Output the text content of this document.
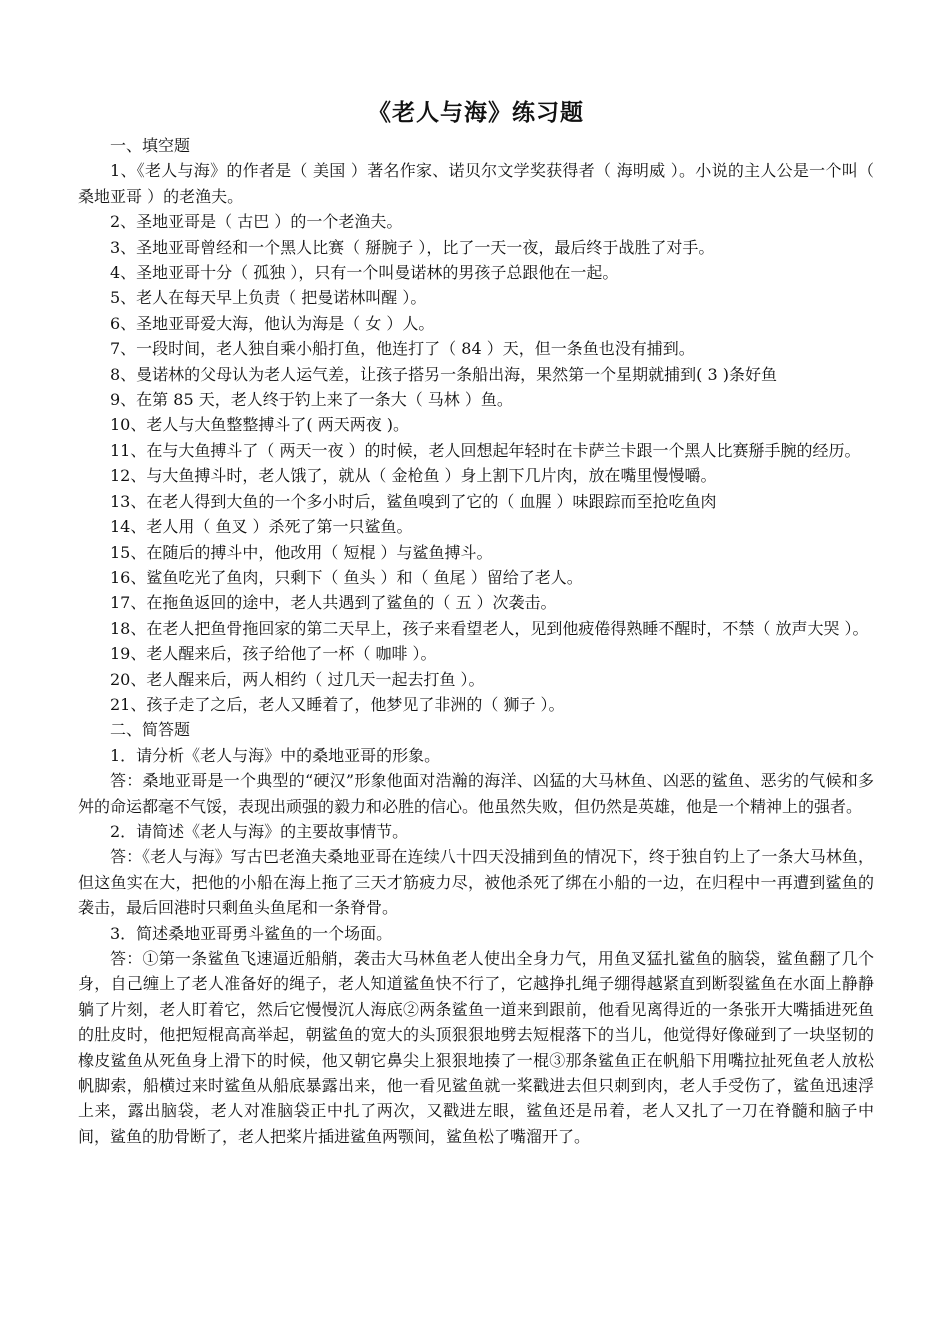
《老人与海》练习题

一、填空题

1、《老人与海》的作者是（ 美国 ）著名作家、诺贝尔文学奖获得者（ 海明威 ）。小说的主人公是一个叫（ 桑地亚哥 ）的老渔夫。

2、圣地亚哥是（ 古巴 ）的一个老渔夫。

3、圣地亚哥曾经和一个黑人比赛（ 掰腕子 ），比了一天一夜，最后终于战胜了对手。

4、圣地亚哥十分（ 孤独 ），只有一个叫曼诺林的男孩子总跟他在一起。

5、老人在每天早上负责（ 把曼诺林叫醒 ）。

6、圣地亚哥爱大海，他认为海是（ 女 ）人。

7、一段时间，老人独自乘小船打鱼，他连打了（ 84 ）天，但一条鱼也没有捕到。

8、曼诺林的父母认为老人运气差，让孩子搭另一条船出海，果然第一个星期就捕到( 3 )条好鱼

9、在第 85 天，老人终于钓上来了一条大（ 马林 ）鱼。

10、老人与大鱼整整搏斗了( 两天两夜 )。

11、在与大鱼搏斗了（ 两天一夜 ）的时候，老人回想起年轻时在卡萨兰卡跟一个黑人比赛掰手腕的经历。

12、与大鱼搏斗时，老人饿了，就从（ 金枪鱼 ）身上割下几片肉，放在嘴里慢慢嚼。

13、在老人得到大鱼的一个多小时后，鲨鱼嗅到了它的（ 血腥 ）味跟踪而至抢吃鱼肉

14、老人用（ 鱼叉 ）杀死了第一只鲨鱼。

15、在随后的搏斗中，他改用（ 短棍 ）与鲨鱼搏斗。

16、鲨鱼吃光了鱼肉，只剩下（ 鱼头 ）和（ 鱼尾 ）留给了老人。

17、在拖鱼返回的途中，老人共遇到了鲨鱼的（ 五 ）次袭击。

18、在老人把鱼骨拖回家的第二天早上，孩子来看望老人，见到他疲倦得熟睡不醒时，不禁（ 放声大哭 ）。

19、老人醒来后，孩子给他了一杯（ 咖啡 ）。

20、老人醒来后，两人相约（ 过几天一起去打鱼 ）。

21、孩子走了之后，老人又睡着了，他梦见了非洲的（ 狮子 ）。

二、简答题

1．请分析《老人与海》中的桑地亚哥的形象。

答：桑地亚哥是一个典型的“硬汉”形象他面对浩瀚的海洋、凶猛的大马林鱼、凶恶的鲨鱼、恶劣的气候和多舛的命运都毫不气馁，表现出顽强的毅力和必胜的信心。他虽然失败，但仍然是英雄，他是一个精神上的强者。

2．请简述《老人与海》的主要故事情节。

答：《老人与海》写古巴老渔夫桑地亚哥在连续八十四天没捕到鱼的情况下，终于独自钓上了一条大马林鱼，但这鱼实在大，把他的小船在海上拖了三天才筋疲力尽，被他杀死了绑在小船的一边，在归程中一再遭到鲨鱼的袭击，最后回港时只剩鱼头鱼尾和一条脊骨。

3．简述桑地亚哥勇斗鲨鱼的一个场面。

答：①第一条鲨鱼飞速逼近船艄，袭击大马林鱼老人使出全身力气，用鱼叉猛扎鲨鱼的脑袋，鲨鱼翻了几个身，自己缠上了老人准备好的绳子，老人知道鲨鱼快不行了，它越挣扎绳子绷得越紧直到断裂鲨鱼在水面上静静躺了片刻，老人盯着它，然后它慢慢沉人海底②两条鲨鱼一道来到跟前，他看见离得近的一条张开大嘴插进死鱼的肚皮时，他把短棍高高举起，朝鲨鱼的宽大的头顶狠狠地劈去短棍落下的当儿，他觉得好像碰到了一块坚韧的橡皮鲨鱼从死鱼身上滑下的时候，他又朝它鼻尖上狠狠地揍了一棍③那条鲨鱼正在帆船下用嘴拉扯死鱼老人放松帆脚索，船横过来时鲨鱼从船底暴露出来，他一看见鲨鱼就一桨戳进去但只刺到肉，老人手受伤了，鲨鱼迅速浮上来，露出脑袋，老人对准脑袋正中扎了两次，又戳进左眼，鲨鱼还是吊着，老人又扎了一刀在脊髓和脑子中间，鲨鱼的肋骨断了，老人把桨片插进鲨鱼两颚间，鲨鱼松了嘴溜开了。
